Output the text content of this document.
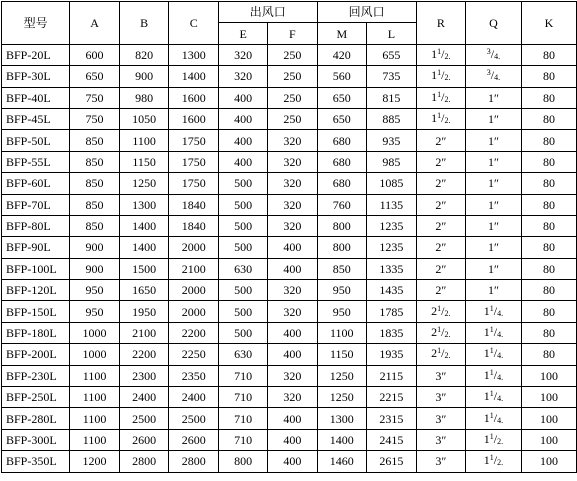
型号	A	B	C	出风口		回风口		R	Q	K
				E	F	M	L			
BFP-20L	600	820	1300	320	250	420	655	$1^1/2$.	$^3$/4.	80
BFP-30L	650	900	1400	320	250	560	735	$1^1/2$.	$^3$/4.	80
BFP-40L	750	980	1600	400	250	650	815	$1^1/2$.	1″	80
BFP-45L	750	1050	1600	400	250	650	885	$1^1/2$.	1″	80
BFP-50L	850	1100	1750	400	320	680	935	2″	1″	80
BFP-55L	850	1150	1750	400	320	680	985	2″	1″	80
BFP-60L	850	1250	1750	500	320	680	1085	2″	1″	80
BFP-70L	850	1300	1840	500	320	760	1135	2″	1″	80
BFP-80L	850	1400	1840	500	320	800	1235	2″	1″	80
BFP-90L	900	1400	2000	500	400	800	1235	2″	1″	80
BFP-100L	900	1500	2100	630	400	850	1335	2″	1″	80
BFP-120L	950	1650	2000	500	320	950	1435	2″	1″	80
BFP-150L	950	1950	2000	500	320	950	1785	$2^1/2$.	$1^1/4$.	80
BFP-180L	1000	2100	2200	500	400	1100	1835	$2^1/2$.	$1^1/4$.	80
BFP-200L	1000	2200	2250	630	400	1150	1935	$2^1/2$.	$1^1/4$.	80
BFP-230L	1100	2300	2350	710	320	1250	2115	3″	$1^1/4$.	100
BFP-250L	1100	2400	2400	710	320	1250	2215	3″	$1^1/4$.	100
BFP-280L	1100	2500	2500	710	400	1300	2315	3″	$1^1/4$.	100
BFP-300L	1100	2600	2600	710	400	1400	2415	3″	$1^1/2$.	100
BFP-350L	1200	2800	2800	800	400	1460	2615	3″	$1^1/2$.	100
